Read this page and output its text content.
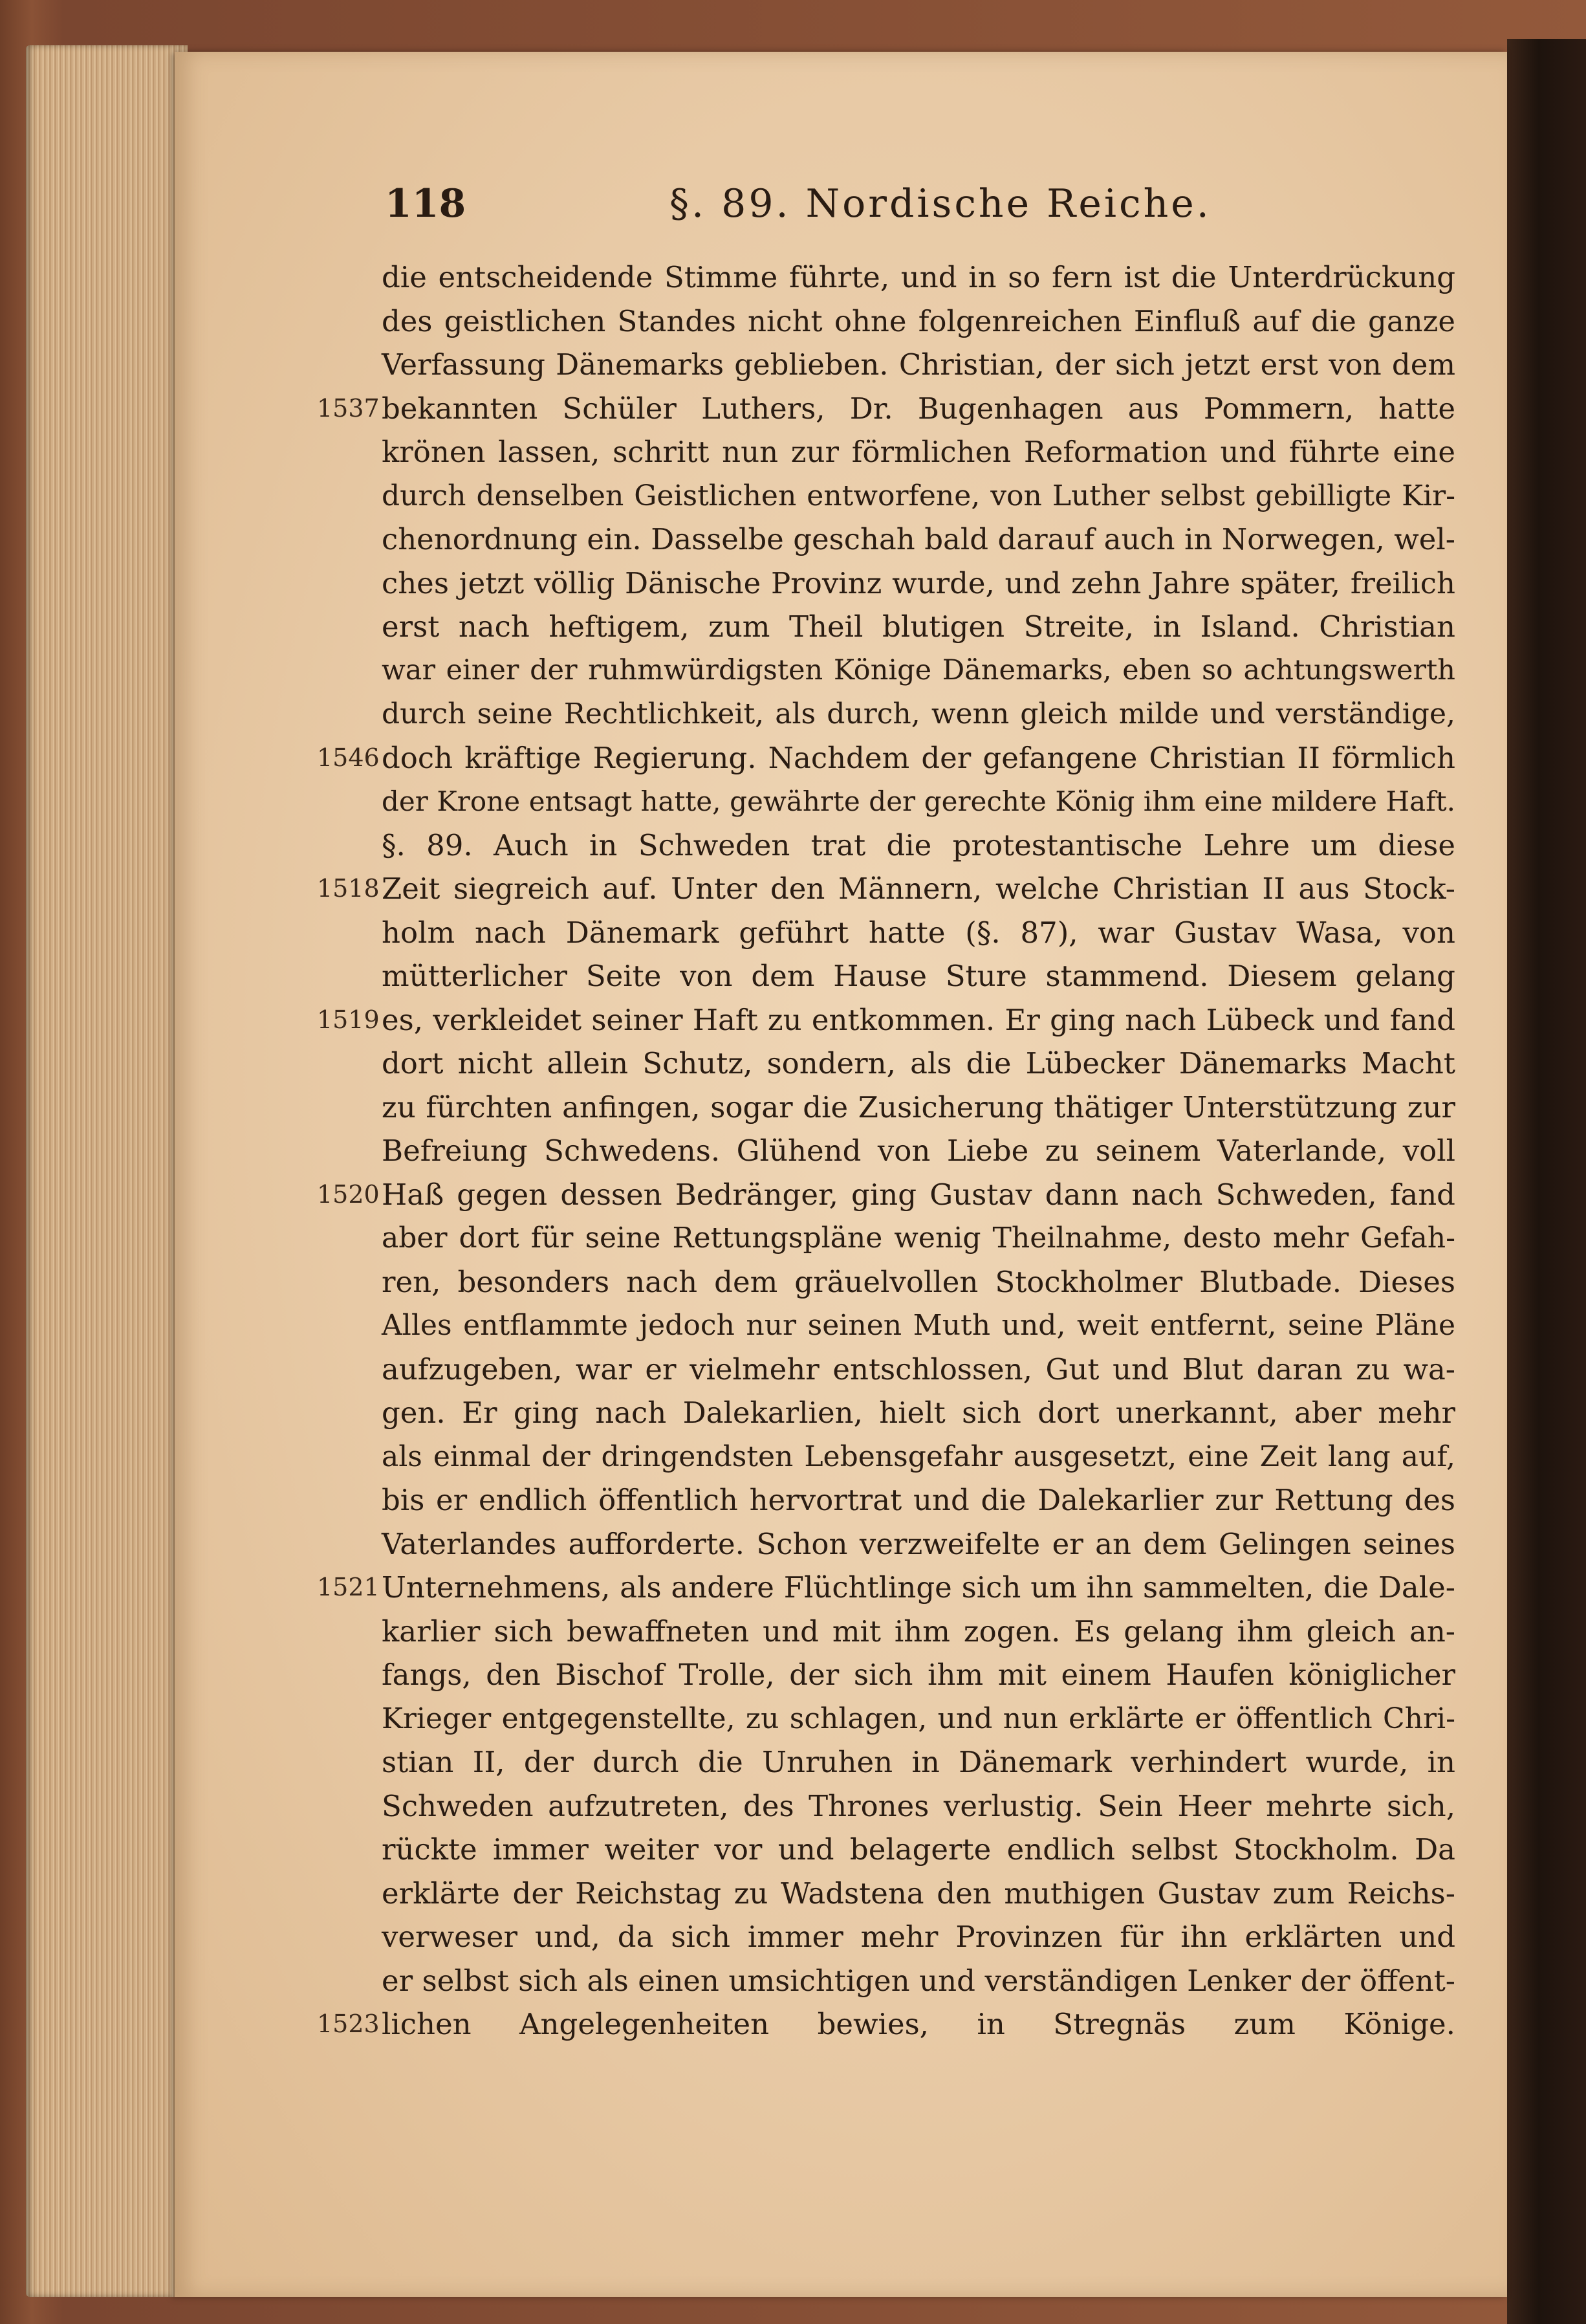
118	§. 89. Nordische Reiche.
die entscheidende Stimme führte, und in so fern ist die Unterdrückung
des geistlichen Standes nicht ohne folgenreichen Einfluß auf die ganze
Verfassung Dänemarks geblieben. Christian, der sich jetzt erst von dem
1537 bekannten Schüler Luthers, Dr. Bugenhagen aus Pommern, hatte
krönen lassen, schritt nun zur förmlichen Reformation und führte eine
durch denselben Geistlichen entworfene, von Luther selbst gebilligte Kir-
chenordnung ein. Dasselbe geschah bald darauf auch in Norwegen, wel-
ches jetzt völlig Dänische Provinz wurde, und zehn Jahre später, freilich
erst nach heftigem, zum Theil blutigen Streite, in Island. Christian
war einer der ruhmwürdigsten Könige Dänemarks, eben so achtungswerth
durch seine Rechtlichkeit, als durch, wenn gleich milde und verständige,
1546 doch kräftige Regierung. Nachdem der gefangene Christian II förmlich
der Krone entsagt hatte, gewährte der gerechte König ihm eine mildere Haft.
§. 89. Auch in Schweden trat die protestantische Lehre um diese
1518 Zeit siegreich auf. Unter den Männern, welche Christian II aus Stock-
holm nach Dänemark geführt hatte (§. 87), war Gustav Wasa, von
mütterlicher Seite von dem Hause Sture stammend. Diesem gelang
1519 es, verkleidet seiner Haft zu entkommen. Er ging nach Lübeck und fand
dort nicht allein Schutz, sondern, als die Lübecker Dänemarks Macht
zu fürchten anfingen, sogar die Zusicherung thätiger Unterstützung zur
Befreiung Schwedens. Glühend von Liebe zu seinem Vaterlande, voll
1520 Haß gegen dessen Bedränger, ging Gustav dann nach Schweden, fand
aber dort für seine Rettungspläne wenig Theilnahme, desto mehr Gefah-
ren, besonders nach dem gräuelvollen Stockholmer Blutbade. Dieses
Alles entflammte jedoch nur seinen Muth und, weit entfernt, seine Pläne
aufzugeben, war er vielmehr entschlossen, Gut und Blut daran zu wa-
gen. Er ging nach Dalekarlien, hielt sich dort unerkannt, aber mehr
als einmal der dringendsten Lebensgefahr ausgesetzt, eine Zeit lang auf,
bis er endlich öffentlich hervortrat und die Dalekarlier zur Rettung des
Vaterlandes aufforderte. Schon verzweifelte er an dem Gelingen seines
1521 Unternehmens, als andere Flüchtlinge sich um ihn sammelten, die Dale-
karlier sich bewaffneten und mit ihm zogen. Es gelang ihm gleich an-
fangs, den Bischof Trolle, der sich ihm mit einem Haufen königlicher
Krieger entgegenstellte, zu schlagen, und nun erklärte er öffentlich Chri-
stian II, der durch die Unruhen in Dänemark verhindert wurde, in
Schweden aufzutreten, des Thrones verlustig. Sein Heer mehrte sich,
rückte immer weiter vor und belagerte endlich selbst Stockholm. Da
erklärte der Reichstag zu Wadstena den muthigen Gustav zum Reichs-
verweser und, da sich immer mehr Provinzen für ihn erklärten und
er selbst sich als einen umsichtigen und verständigen Lenker der öffent-
1523 lichen Angelegenheiten bewies, in Stregnäs zum Könige.
